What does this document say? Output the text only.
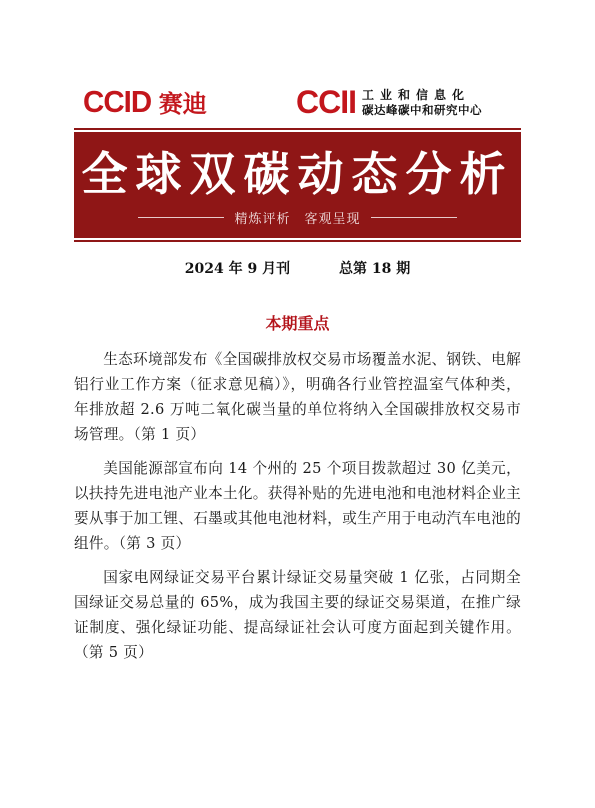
CCID 赛迪	CCII 工业和信息化
碳达峰碳中和研究中心
全球双碳动态分析
精炼评析 客观呈现
2024 年 9 月刊	总第 18 期
本期重点

生态环境部发布《全国碳排放权交易市场覆盖水泥、钢铁、电解铝行业工作方案（征求意见稿）》，明确各行业管控温室气体种类，年排放超 2.6 万吨二氧化碳当量的单位将纳入全国碳排放权交易市场管理。（第 1 页）

美国能源部宣布向 14 个州的 25 个项目拨款超过 30 亿美元，以扶持先进电池产业本土化。获得补贴的先进电池和电池材料企业主要从事于加工锂、石墨或其他电池材料，或生产用于电动汽车电池的组件。（第 3 页）

国家电网绿证交易平台累计绿证交易量突破 1 亿张，占同期全国绿证交易总量的 65%，成为我国主要的绿证交易渠道，在推广绿证制度、强化绿证功能、提高绿证社会认可度方面起到关键作用。（第 5 页）
